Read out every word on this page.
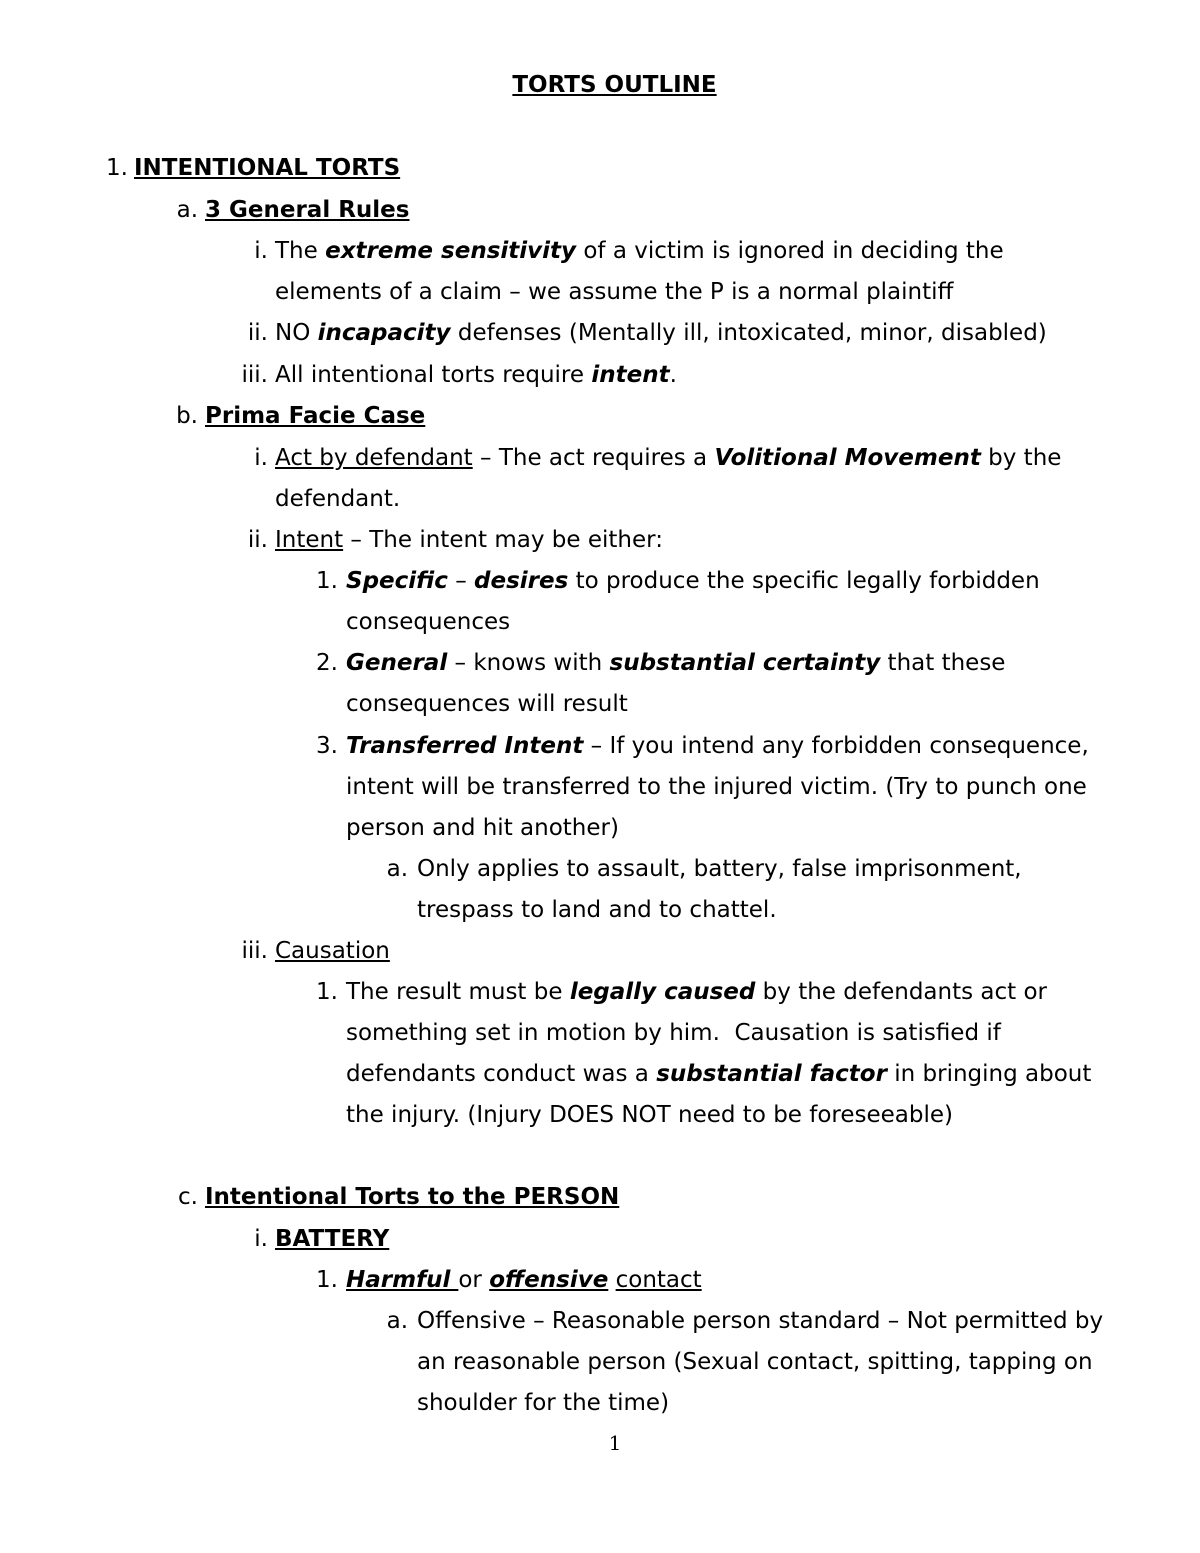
TORTS OUTLINE
1. INTENTIONAL TORTS
a. 3 General Rules
i. The extreme sensitivity of a victim is ignored in deciding the
elements of a claim – we assume the P is a normal plaintiff
ii. NO incapacity defenses (Mentally ill, intoxicated, minor, disabled)
iii. All intentional torts require intent.
b. Prima Facie Case
i. Act by defendant – The act requires a Volitional Movement by the
defendant.
ii. Intent – The intent may be either:
1. Specific – desires to produce the specific legally forbidden
consequences
2. General – knows with substantial certainty that these
consequences will result
3. Transferred Intent – If you intend any forbidden consequence,
intent will be transferred to the injured victim. (Try to punch one
person and hit another)
a. Only applies to assault, battery, false imprisonment,
trespass to land and to chattel.
iii. Causation
1. The result must be legally caused by the defendants act or
something set in motion by him.  Causation is satisfied if
defendants conduct was a substantial factor in bringing about
the injury. (Injury DOES NOT need to be foreseeable)
c. Intentional Torts to the PERSON
i. BATTERY
1. Harmful or offensive contact
a. Offensive – Reasonable person standard – Not permitted by
an reasonable person (Sexual contact, spitting, tapping on
shoulder for the time)
1
